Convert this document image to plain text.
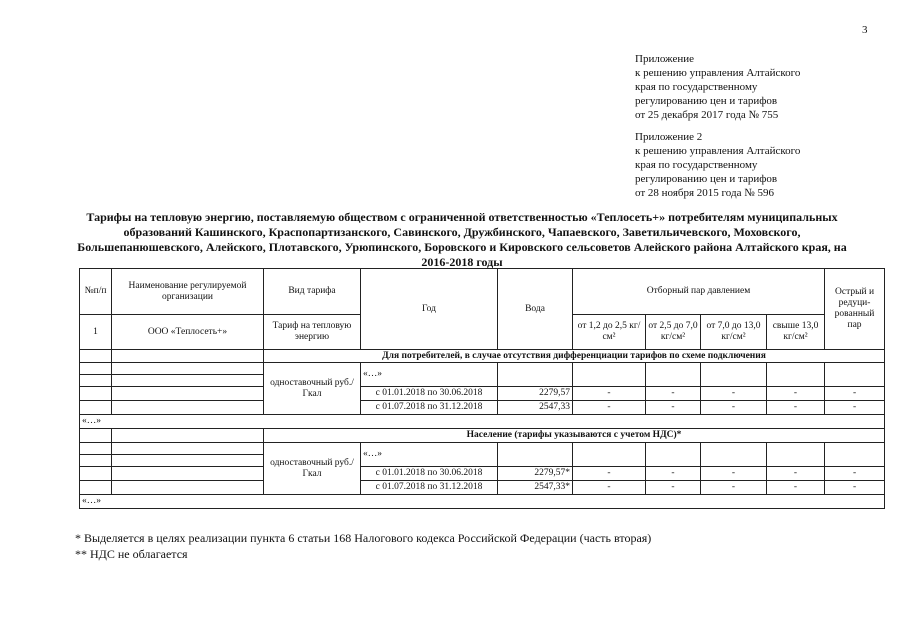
3
Приложение
к решению управления Алтайского
края по государственному
регулированию цен и тарифов
от 25 декабря 2017 года № 755
Приложение 2
к решению управления Алтайского
края по государственному
регулированию цен и тарифов
от 28 ноября 2015 года № 596
Тарифы на тепловую энергию, поставляемую обществом с ограниченной ответственностью «Теплосеть+» потребителям муниципальных образований Кашинского, Краспопартизанского, Савинского, Дружбинского, Чапаевского, Заветильичевского, Моховского, Большепанюшевского, Алейского, Плотавского, Урюпинского, Боровского и Кировского сельсоветов Алейского района Алтайского края, на 2016-2018 годы
№п/п	Наименование регулируемой организации	Вид тарифа	Год	Вода	Отборный пар давлением				Острый и редуци-рованный пар
1	ООО «Теплосеть+»	Тариф на тепловую энергию			от 1,2 до 2,5 кг/см²	от 2,5 до 7,0 кг/см²	от 7,0 до 13,0 кг/см²	свыше 13,0 кг/см²	
		Для потребителей, в случае отсутствия дифференциации тарифов по схеме подключения							
		одноставочный руб./Гкал	«…»						

			с 01.01.2018 по 30.06.2018	2279,57	-	-	-	-	-
			с 01.07.2018 по 31.12.2018	2547,33	-	-	-	-	-
«…»									
		Население (тарифы указываются с учетом НДС)*							
		одноставочный руб./Гкал	«…»						

			с 01.01.2018 по 30.06.2018	2279,57*	-	-	-	-	-
			с 01.07.2018 по 31.12.2018	2547,33*	-	-	-	-	-
«…»									
* Выделяется в целях реализации пункта 6 статьи 168 Налогового кодекса Российской Федерации (часть вторая)
** НДС не облагается
